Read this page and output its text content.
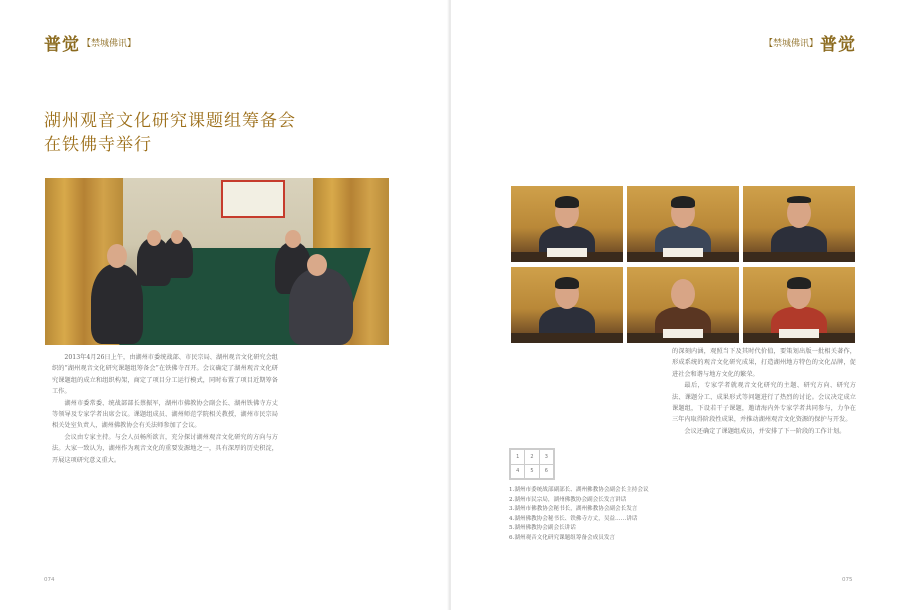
普觉 【禁城佛讯】
湖州观音文化研究课题组筹备会
在铁佛寺举行

2013年4月26日上午，由湖州市委统战部、市民宗局、湖州观音文化研究会组织的“湖州观音文化研究课题组筹备会”在铁佛寺召开。会议确定了湖州观音文化研究课题组的成立和组织构架，商定了项目分工运行模式，同时布置了项目近期筹备工作。

湖州市委常委、统战部部长蔡振军，湖州市佛教协会副会长、湖州铁佛寺方丈等领导及专家学者出席会议。课题组成员、湖州师范学院相关教授，湖州市民宗局相关处室负责人，湖州佛教协会有关法师参加了会议。

会议由专家主持。与会人员畅所欲言，充分探讨湖州观音文化研究的方向与方法。大家一致认为，湖州作为观音文化的重要发源地之一，具有深厚的历史积淀，开展这项研究意义重大。

074
【禁城佛讯】 普觉
1	2	3
4	5	6
1.湖州市委统战部副部长、湖州佛教协会副会长主持会议
2.湖州市民宗局，湖州佛教协会副会长发言讲话
3.湖州市佛教协会秘书长，湖州佛教协会副会长发言
4.湖州佛教协会秘书长、铁佛寺方丈，吴益……讲话
5.湖州佛教协会副会长讲话
6.湖州观音文化研究课题组筹备会成员发言

的深刻内涵，观照当下及其时代价值，要策划出版一批相关著作，形成系统的观音文化研究成果，打造湖州地方特色的文化品牌，促进社会和谐与地方文化的繁荣。

最后，专家学者就观音文化研究的主题、研究方向、研究方法、课题分工、成果形式等问题进行了热烈的讨论。会议决定成立课题组，下设若干子课题，邀请海内外专家学者共同参与，力争在三年内取得阶段性成果，并推动湖州观音文化资源的保护与开发。

会议还确定了课题组成员，并安排了下一阶段的工作计划。

075
